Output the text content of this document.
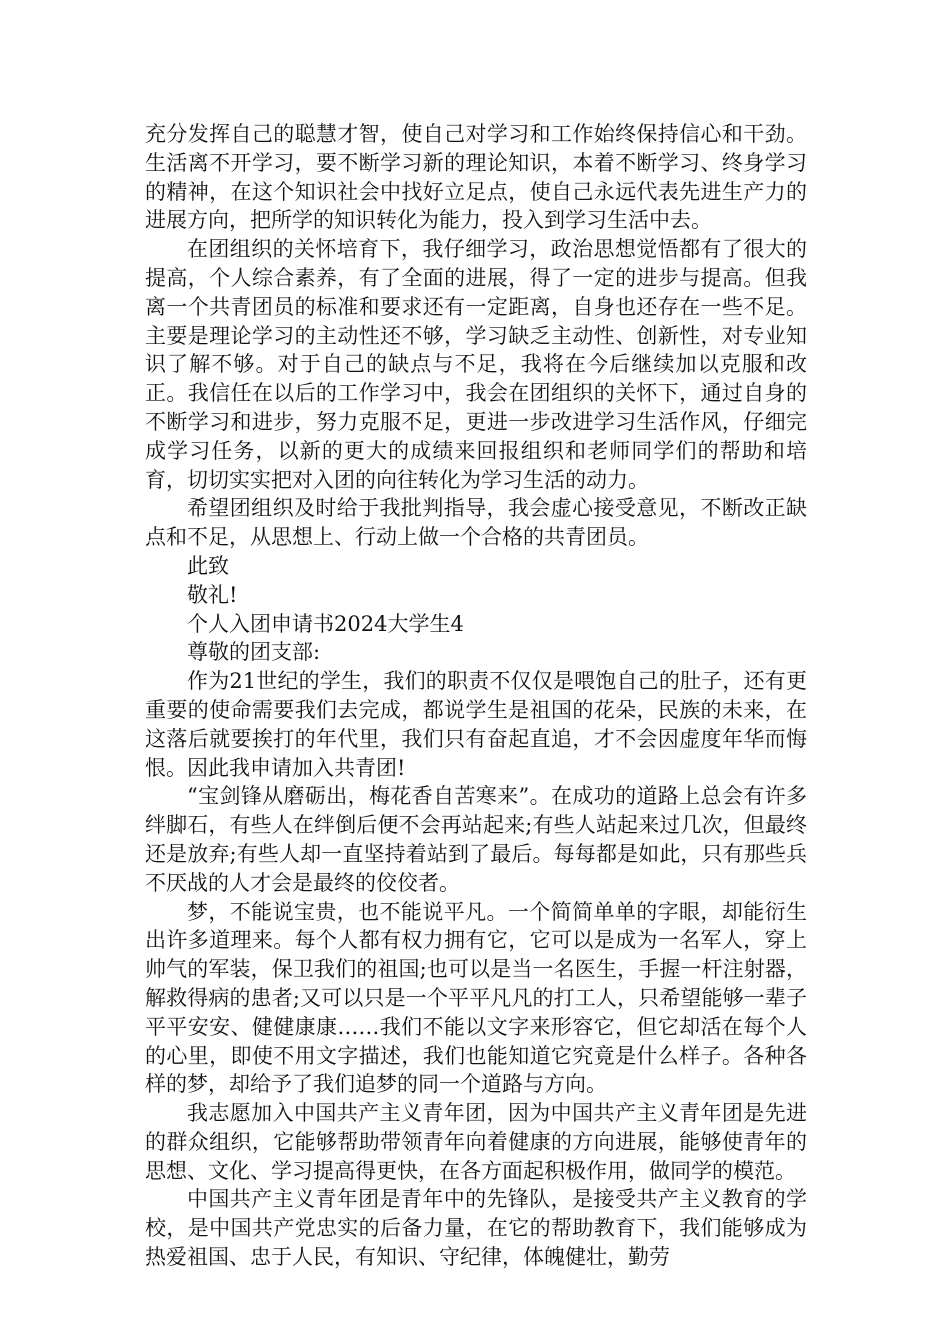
充分发挥自己的聪慧才智，使自己对学习和工作始终保持信心和干劲。生活离不开学习，要不断学习新的理论知识，本着不断学习、终身学习的精神，在这个知识社会中找好立足点，使自己永远代表先进生产力的进展方向，把所学的知识转化为能力，投入到学习生活中去。

在团组织的关怀培育下，我仔细学习，政治思想觉悟都有了很大的提高，个人综合素养，有了全面的进展，得了一定的进步与提高。但我离一个共青团员的标准和要求还有一定距离，自身也还存在一些不足。主要是理论学习的主动性还不够，学习缺乏主动性、创新性，对专业知识了解不够。对于自己的缺点与不足，我将在今后继续加以克服和改正。我信任在以后的工作学习中，我会在团组织的关怀下，通过自身的不断学习和进步，努力克服不足，更进一步改进学习生活作风，仔细完成学习任务，以新的更大的成绩来回报组织和老师同学们的帮助和培育，切切实实把对入团的向往转化为学习生活的动力。

希望团组织及时给于我批判指导，我会虚心接受意见，不断改正缺点和不足，从思想上、行动上做一个合格的共青团员。

此致

敬礼!

个人入团申请书2024大学生4

尊敬的团支部:

作为21世纪的学生，我们的职责不仅仅是喂饱自己的肚子，还有更重要的使命需要我们去完成，都说学生是祖国的花朵，民族的未来，在这落后就要挨打的年代里，我们只有奋起直追，才不会因虚度年华而悔恨。因此我申请加入共青团!

“宝剑锋从磨砺出，梅花香自苦寒来”。在成功的道路上总会有许多绊脚石，有些人在绊倒后便不会再站起来;有些人站起来过几次，但最终还是放弃;有些人却一直坚持着站到了最后。每每都是如此，只有那些兵不厌战的人才会是最终的佼佼者。

梦，不能说宝贵，也不能说平凡。一个简简单单的字眼，却能衍生出许多道理来。每个人都有权力拥有它，它可以是成为一名军人，穿上帅气的军装，保卫我们的祖国;也可以是当一名医生，手握一杆注射器，解救得病的患者;又可以只是一个平平凡凡的打工人，只希望能够一辈子平平安安、健健康康……我们不能以文字来形容它，但它却活在每个人的心里，即使不用文字描述，我们也能知道它究竟是什么样子。各种各样的梦，却给予了我们追梦的同一个道路与方向。

我志愿加入中国共产主义青年团，因为中国共产主义青年团是先进的群众组织，它能够帮助带领青年向着健康的方向进展，能够使青年的思想、文化、学习提高得更快，在各方面起积极作用，做同学的模范。

中国共产主义青年团是青年中的先锋队，是接受共产主义教育的学校，是中国共产党忠实的后备力量，在它的帮助教育下，我们能够成为热爱祖国、忠于人民，有知识、守纪律，体魄健壮，勤劳
